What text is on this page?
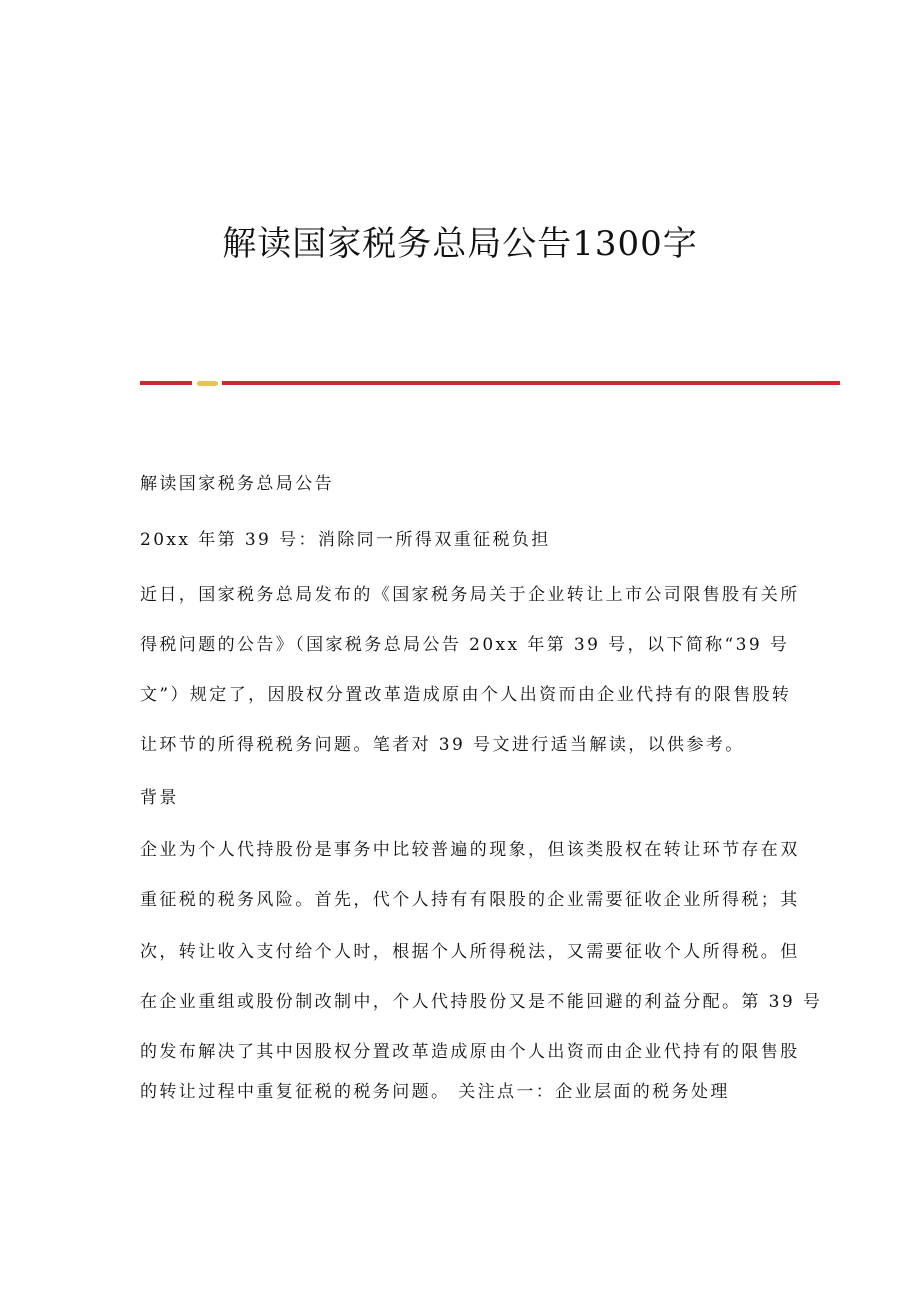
解读国家税务总局公告1300字
解读国家税务总局公告
20xx 年第 39 号：消除同一所得双重征税负担
近日，国家税务总局发布的《国家税务局关于企业转让上市公司限售股有关所
得税问题的公告》（国家税务总局公告 20xx 年第 39 号，以下简称“39 号
文”）规定了，因股权分置改革造成原由个人出资而由企业代持有的限售股转
让环节的所得税税务问题。笔者对 39 号文进行适当解读，以供参考。
背景
企业为个人代持股份是事务中比较普遍的现象，但该类股权在转让环节存在双
重征税的税务风险。首先，代个人持有有限股的企业需要征收企业所得税；其
次，转让收入支付给个人时，根据个人所得税法，又需要征收个人所得税。但
在企业重组或股份制改制中，个人代持股份又是不能回避的利益分配。第 39 号
的发布解决了其中因股权分置改革造成原由个人出资而由企业代持有的限售股
的转让过程中重复征税的税务问题。 关注点一：企业层面的税务处理
